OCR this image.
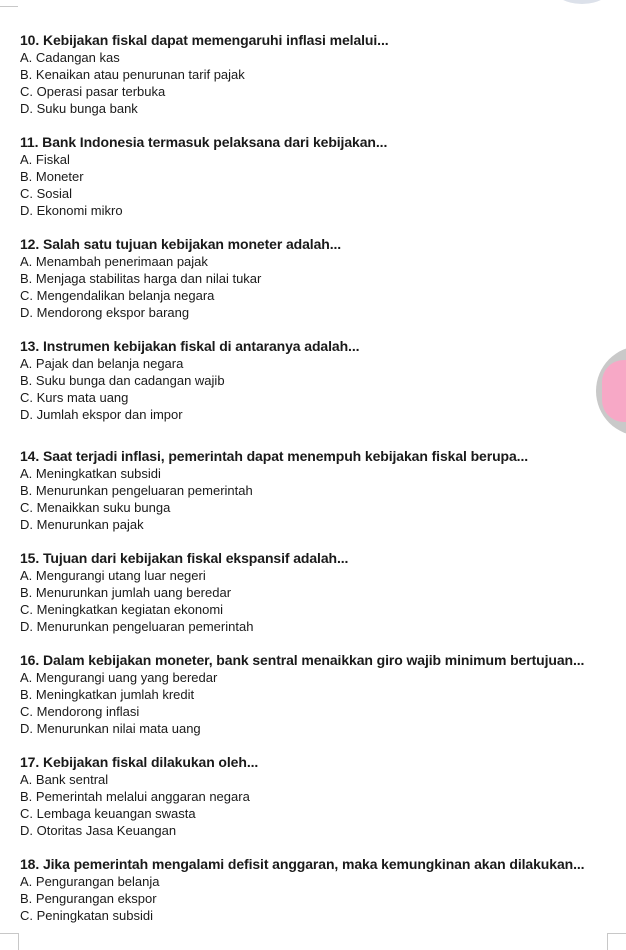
10. Kebijakan fiskal dapat memengaruhi inflasi melalui...
A. Cadangan kas
B. Kenaikan atau penurunan tarif pajak
C. Operasi pasar terbuka
D. Suku bunga bank
11. Bank Indonesia termasuk pelaksana dari kebijakan...
A. Fiskal
B. Moneter
C. Sosial
D. Ekonomi mikro
12. Salah satu tujuan kebijakan moneter adalah...
A. Menambah penerimaan pajak
B. Menjaga stabilitas harga dan nilai tukar
C. Mengendalikan belanja negara
D. Mendorong ekspor barang
13. Instrumen kebijakan fiskal di antaranya adalah...
A. Pajak dan belanja negara
B. Suku bunga dan cadangan wajib
C. Kurs mata uang
D. Jumlah ekspor dan impor
14. Saat terjadi inflasi, pemerintah dapat menempuh kebijakan fiskal berupa...
A. Meningkatkan subsidi
B. Menurunkan pengeluaran pemerintah
C. Menaikkan suku bunga
D. Menurunkan pajak
15. Tujuan dari kebijakan fiskal ekspansif adalah...
A. Mengurangi utang luar negeri
B. Menurunkan jumlah uang beredar
C. Meningkatkan kegiatan ekonomi
D. Menurunkan pengeluaran pemerintah
16. Dalam kebijakan moneter, bank sentral menaikkan giro wajib minimum bertujuan...
A. Mengurangi uang yang beredar
B. Meningkatkan jumlah kredit
C. Mendorong inflasi
D. Menurunkan nilai mata uang
17. Kebijakan fiskal dilakukan oleh...
A. Bank sentral
B. Pemerintah melalui anggaran negara
C. Lembaga keuangan swasta
D. Otoritas Jasa Keuangan
18. Jika pemerintah mengalami defisit anggaran, maka kemungkinan akan dilakukan...
A. Pengurangan belanja
B. Pengurangan ekspor
C. Peningkatan subsidi
